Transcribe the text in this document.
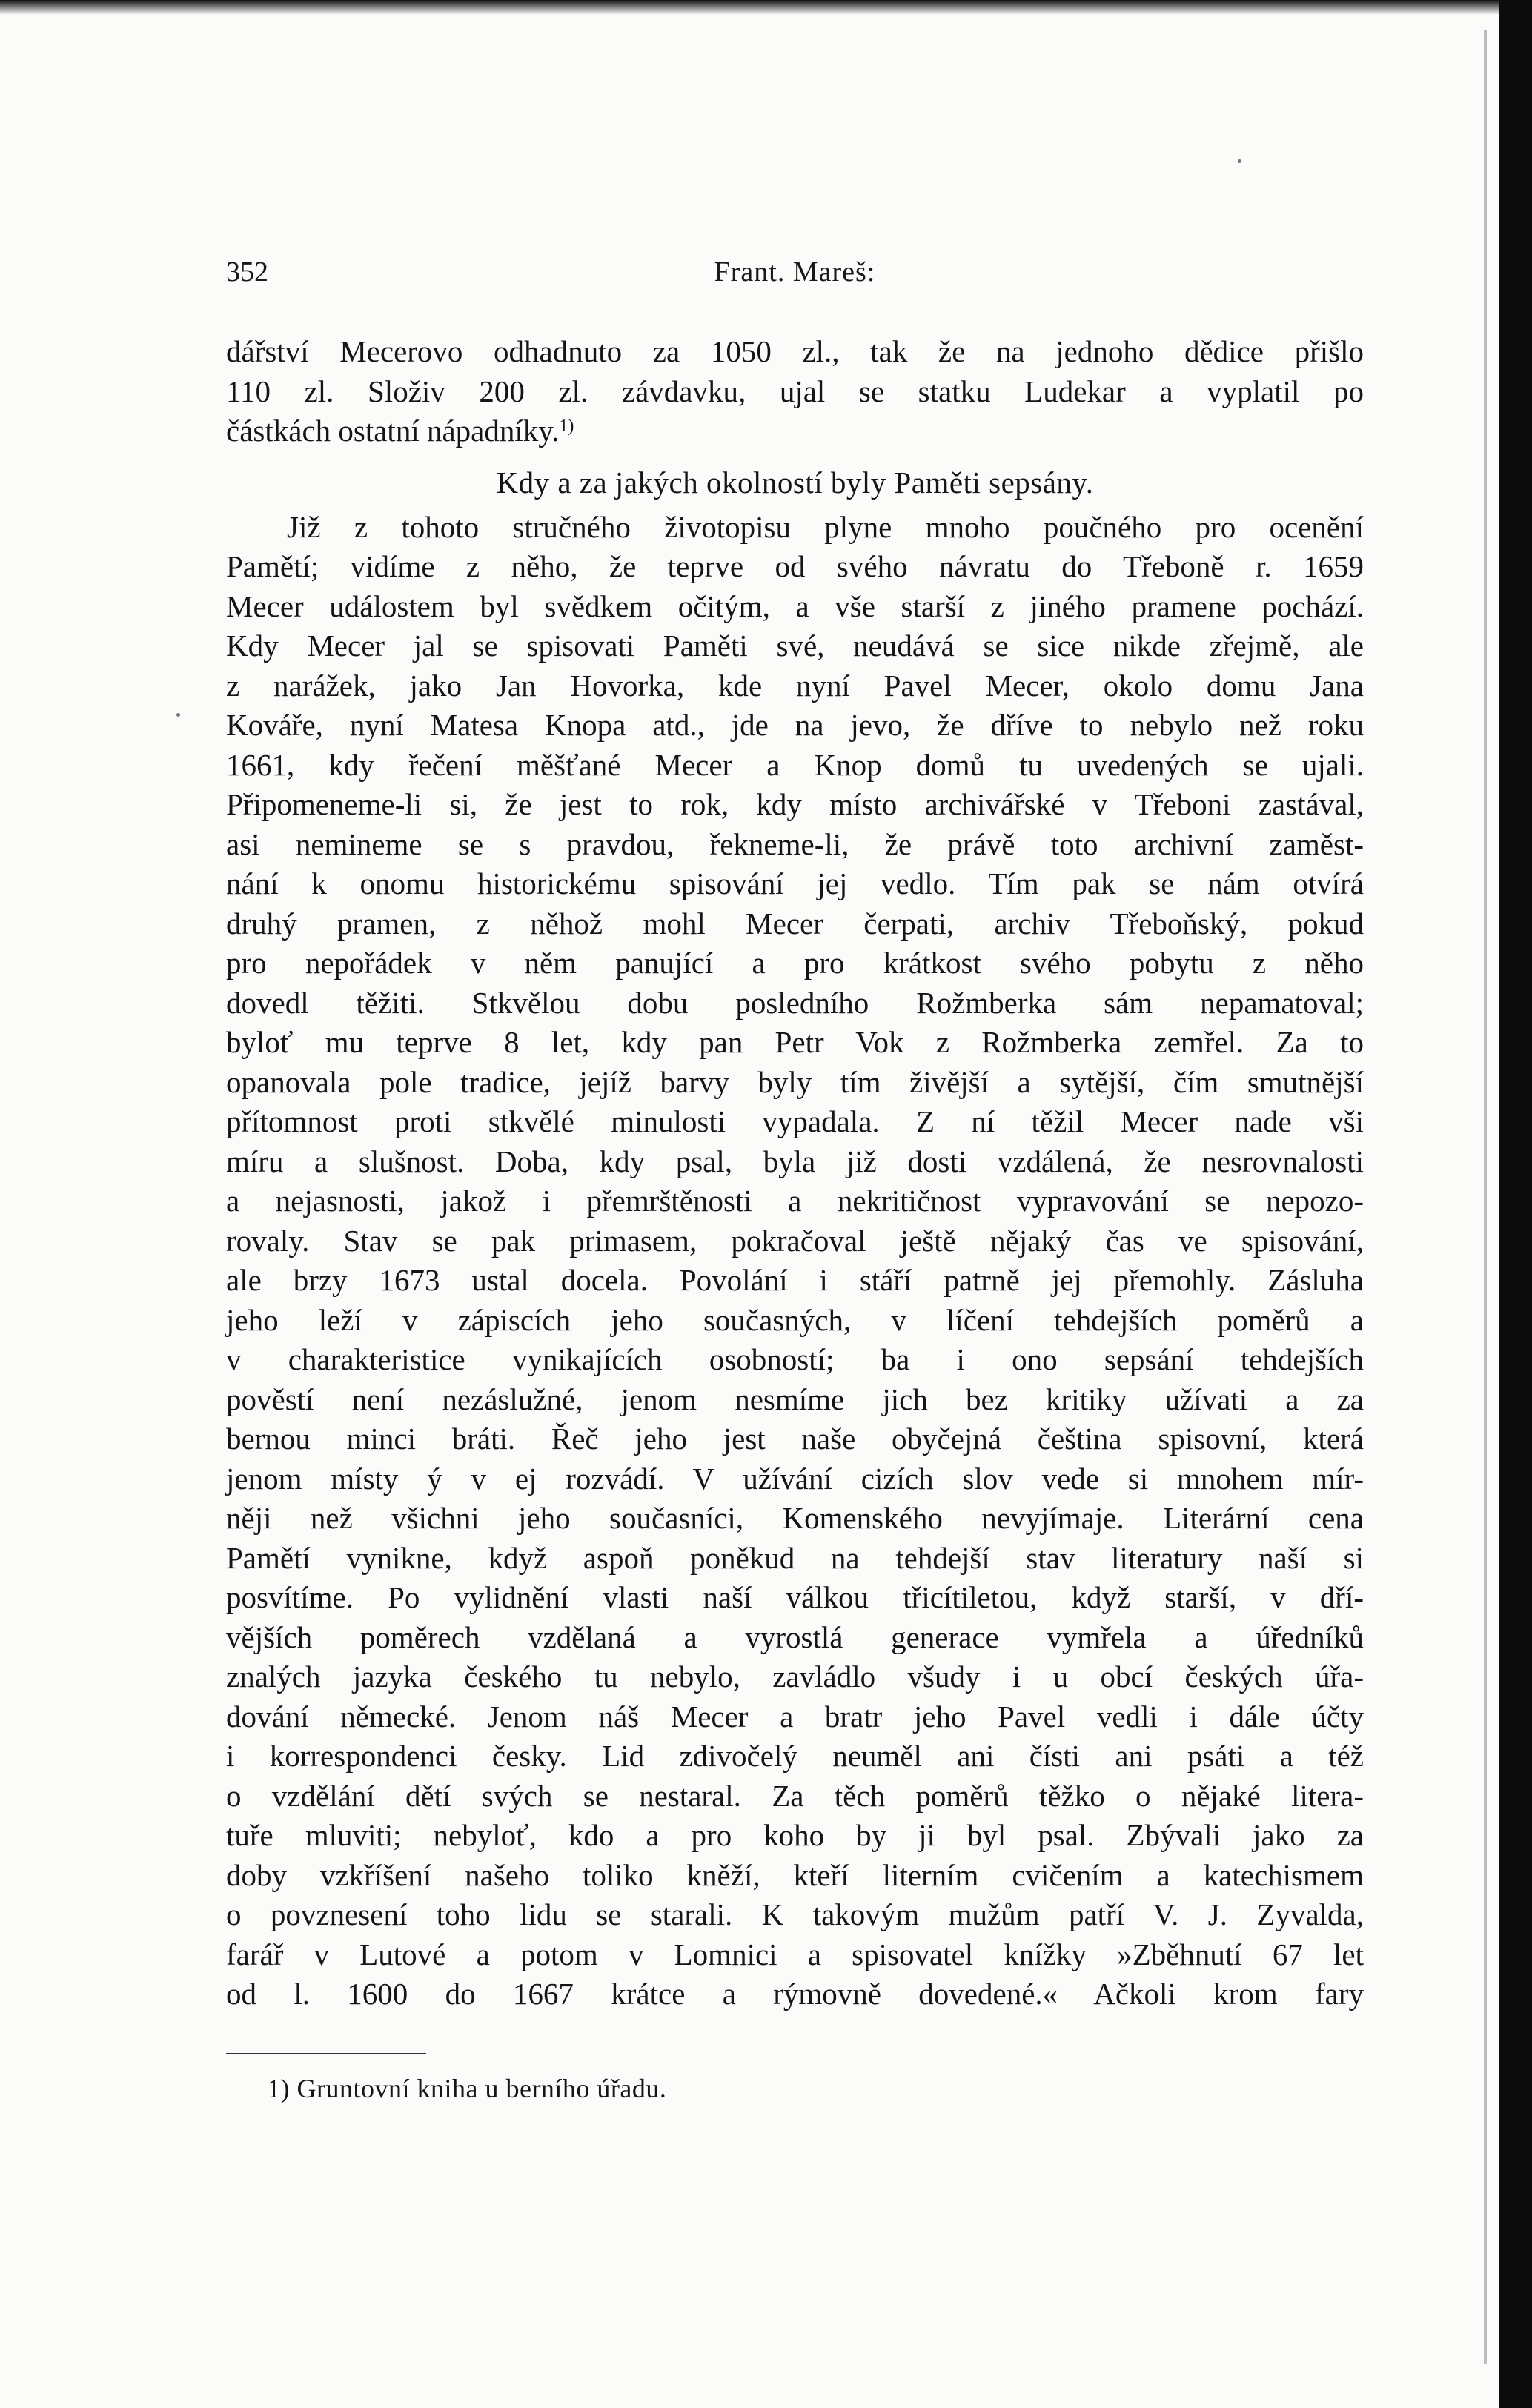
352	Frant. Mareš:
dářství Mecerovo odhadnuto za 1050 zl., tak že na jednoho dědice přišlo
110 zl. Složiv 200 zl. závdavku, ujal se statku Ludekar a vyplatil po
částkách ostatní nápadníky.$^{1)}$
Kdy a za jakých okolností byly Paměti sepsány.
Již z tohoto stručného životopisu plyne mnoho poučného pro ocenění
Pamětí; vidíme z něho, že teprve od svého návratu do Třeboně r. 1659
Mecer událostem byl svědkem očitým, a vše starší z jiného pramene pochází.
Kdy Mecer jal se spisovati Paměti své, neudává se sice nikde zřejmě, ale
z narážek, jako Jan Hovorka, kde nyní Pavel Mecer, okolo domu Jana
Kováře, nyní Matesa Knopa atd., jde na jevo, že dříve to nebylo než roku
1661, kdy řečení měšťané Mecer a Knop domů tu uvedených se ujali.
Připomeneme-li si, že jest to rok, kdy místo archivářské v Třeboni zastával,
asi nemineme se s pravdou, řekneme-li, že právě toto archivní zaměst-
nání k onomu historickému spisování jej vedlo. Tím pak se nám otvírá
druhý pramen, z něhož mohl Mecer čerpati, archiv Třeboňský, pokud
pro nepořádek v něm panující a pro krátkost svého pobytu z něho
dovedl těžiti. Stkvělou dobu posledního Rožmberka sám nepamatoval;
byloť mu teprve 8 let, kdy pan Petr Vok z Rožmberka zemřel. Za to
opanovala pole tradice, jejíž barvy byly tím živější a sytější, čím smutnější
přítomnost proti stkvělé minulosti vypadala. Z ní těžil Mecer nade vši
míru a slušnost. Doba, kdy psal, byla již dosti vzdálená, že nesrovnalosti
a nejasnosti, jakož i přemrštěnosti a nekritičnost vypravování se nepozo-
rovaly. Stav se pak primasem, pokračoval ještě nějaký čas ve spisování,
ale brzy 1673 ustal docela. Povolání i stáří patrně jej přemohly. Zásluha
jeho leží v zápiscích jeho současných, v líčení tehdejších poměrů a
v charakteristice vynikajících osobností; ba i ono sepsání tehdejších
pověstí není nezáslužné, jenom nesmíme jich bez kritiky užívati a za
bernou minci bráti. Řeč jeho jest naše obyčejná čeština spisovní, která
jenom místy ý v ej rozvádí. V užívání cizích slov vede si mnohem mír-
něji než všichni jeho současníci, Komenského nevyjímaje. Literární cena
Pamětí vynikne, když aspoň poněkud na tehdejší stav literatury naší si
posvítíme. Po vylidnění vlasti naší válkou třicítiletou, když starší, v dří-
vějších poměrech vzdělaná a vyrostlá generace vymřela a úředníků
znalých jazyka českého tu nebylo, zavládlo všudy i u obcí českých úřa-
dování německé. Jenom náš Mecer a bratr jeho Pavel vedli i dále účty
i korrespondenci česky. Lid zdivočelý neuměl ani čísti ani psáti a též
o vzdělání dětí svých se nestaral. Za těch poměrů těžko o nějaké litera-
tuře mluviti; nebyloť, kdo a pro koho by ji byl psal. Zbývali jako za
doby vzkříšení našeho toliko kněží, kteří literním cvičením a katechismem
o povznesení toho lidu se starali. K takovým mužům patří V. J. Zyvalda,
farář v Lutové a potom v Lomnici a spisovatel knížky »Zběhnutí 67 let
od l. 1600 do 1667 krátce a rýmovně dovedené.« Ačkoli krom fary
1) Gruntovní kniha u berního úřadu.
